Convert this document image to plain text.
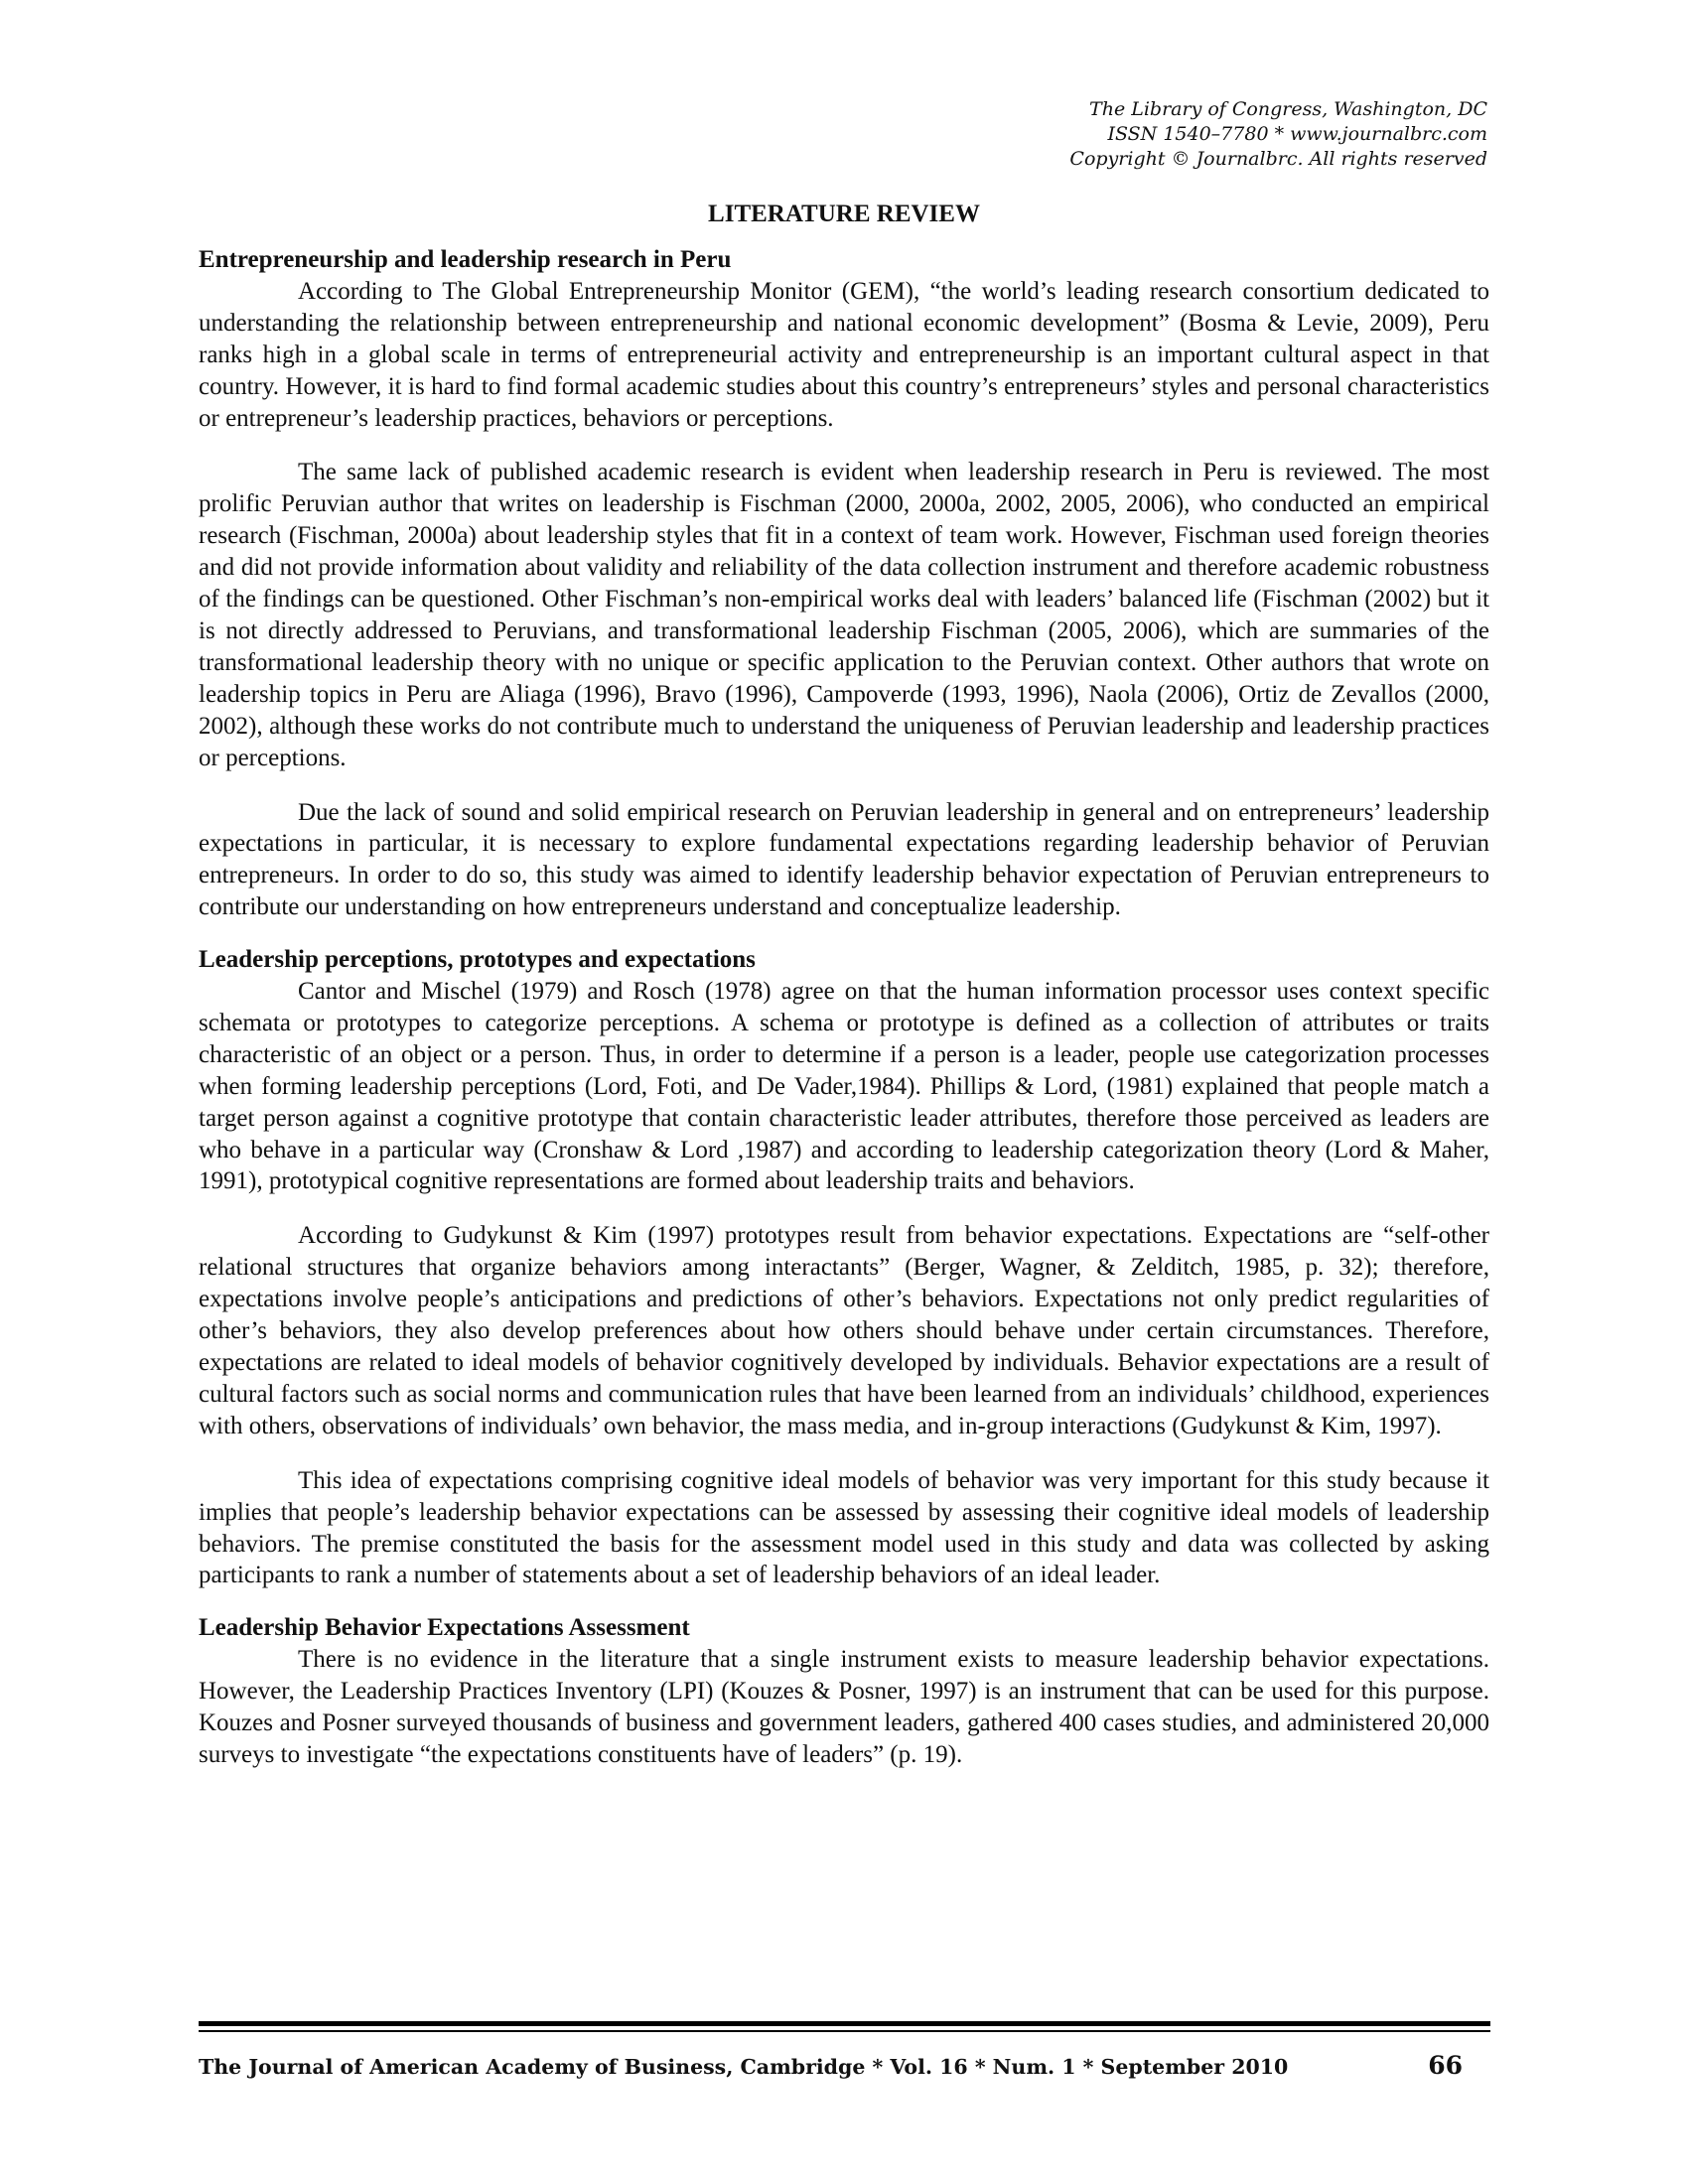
The Library of Congress, Washington, DC
ISSN 1540–7780 * www.journalbrc.com
Copyright © Journalbrc. All rights reserved
LITERATURE REVIEW
Entrepreneurship and leadership research in Peru

According to The Global Entrepreneurship Monitor (GEM), “the world’s leading research consortium dedicated to understanding the relationship between entrepreneurship and national economic development” (Bosma & Levie, 2009), Peru ranks high in a global scale in terms of entrepreneurial activity and entrepreneurship is an important cultural aspect in that country. However, it is hard to find formal academic studies about this country’s entrepreneurs’ styles and personal characteristics or entrepreneur’s leadership practices, behaviors or perceptions.

The same lack of published academic research is evident when leadership research in Peru is reviewed. The most prolific Peruvian author that writes on leadership is Fischman (2000, 2000a, 2002, 2005, 2006), who conducted an empirical research (Fischman, 2000a) about leadership styles that fit in a context of team work. However, Fischman used foreign theories and did not provide information about validity and reliability of the data collection instrument and therefore academic robustness of the findings can be questioned. Other Fischman’s non-empirical works deal with leaders’ balanced life (Fischman (2002) but it is not directly addressed to Peruvians, and transformational leadership Fischman (2005, 2006), which are summaries of the transformational leadership theory with no unique or specific application to the Peruvian context. Other authors that wrote on leadership topics in Peru are Aliaga (1996), Bravo (1996), Campoverde (1993, 1996), Naola (2006), Ortiz de Zevallos (2000, 2002), although these works do not contribute much to understand the uniqueness of Peruvian leadership and leadership practices or perceptions.

Due the lack of sound and solid empirical research on Peruvian leadership in general and on entrepreneurs’ leadership expectations in particular, it is necessary to explore fundamental expectations regarding leadership behavior of Peruvian entrepreneurs. In order to do so, this study was aimed to identify leadership behavior expectation of Peruvian entrepreneurs to contribute our understanding on how entrepreneurs understand and conceptualize leadership.

Leadership perceptions, prototypes and expectations

Cantor and Mischel (1979) and Rosch (1978) agree on that the human information processor uses context specific schemata or prototypes to categorize perceptions. A schema or prototype is defined as a collection of attributes or traits characteristic of an object or a person. Thus, in order to determine if a person is a leader, people use categorization processes when forming leadership perceptions (Lord, Foti, and De Vader,1984). Phillips & Lord, (1981) explained that people match a target person against a cognitive prototype that contain characteristic leader attributes, therefore those perceived as leaders are who behave in a particular way (Cronshaw & Lord ,1987) and according to leadership categorization theory (Lord & Maher, 1991), prototypical cognitive representations are formed about leadership traits and behaviors.

According to Gudykunst & Kim (1997) prototypes result from behavior expectations. Expectations are “self-other relational structures that organize behaviors among interactants” (Berger, Wagner, & Zelditch, 1985, p. 32); therefore, expectations involve people’s anticipations and predictions of other’s behaviors. Expectations not only predict regularities of other’s behaviors, they also develop preferences about how others should behave under certain circumstances. Therefore, expectations are related to ideal models of behavior cognitively developed by individuals. Behavior expectations are a result of cultural factors such as social norms and communication rules that have been learned from an individuals’ childhood, experiences with others, observations of individuals’ own behavior, the mass media, and in-group interactions (Gudykunst & Kim, 1997).

This idea of expectations comprising cognitive ideal models of behavior was very important for this study because it implies that people’s leadership behavior expectations can be assessed by assessing their cognitive ideal models of leadership behaviors. The premise constituted the basis for the assessment model used in this study and data was collected by asking participants to rank a number of statements about a set of leadership behaviors of an ideal leader.

Leadership Behavior Expectations Assessment

There is no evidence in the literature that a single instrument exists to measure leadership behavior expectations. However, the Leadership Practices Inventory (LPI) (Kouzes & Posner, 1997) is an instrument that can be used for this purpose. Kouzes and Posner surveyed thousands of business and government leaders, gathered 400 cases studies, and administered 20,000 surveys to investigate “the expectations constituents have of leaders” (p. 19).

The Journal of American Academy of Business, Cambridge * Vol. 16 * Num. 1 * September 2010	66
